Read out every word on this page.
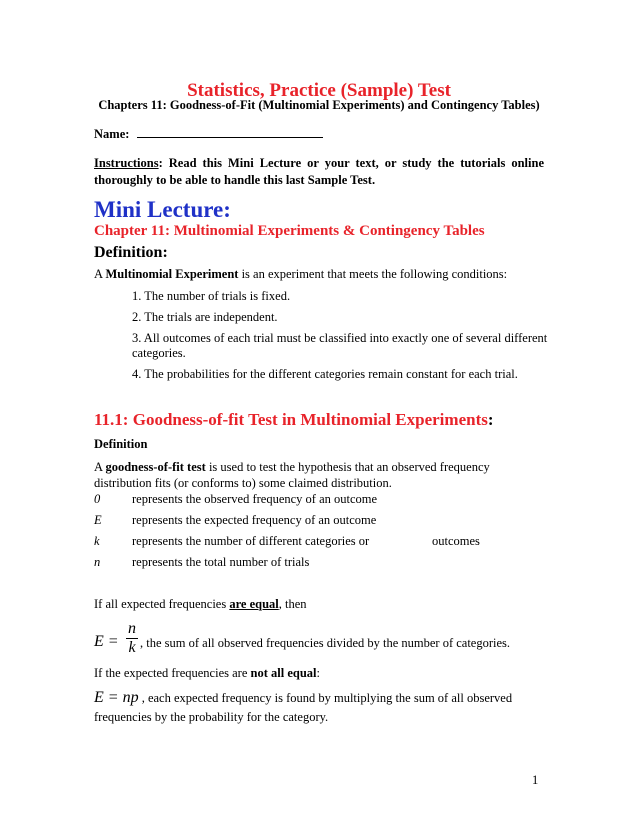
Statistics, Practice (Sample) Test
Chapters 11: Goodness-of-Fit (Multinomial Experiments) and Contingency Tables)
Name:
Instructions: Read this Mini Lecture or your text, or study the tutorials online thoroughly to be able to handle this last Sample Test.
Mini Lecture:
Chapter 11: Multinomial Experiments & Contingency Tables
Definition:
A Multinomial Experiment is an experiment that meets the following conditions:
1. The number of trials is fixed.
2. The trials are independent.
3. All outcomes of each trial must be classified into exactly one of several different categories.
4. The probabilities for the different categories remain constant for each trial.
11.1: Goodness-of-fit Test in Multinomial Experiments:
Definition
A goodness-of-fit test is used to test the hypothesis that an observed frequency distribution fits (or conforms to) some claimed distribution.
0	represents the observed frequency of an outcome
E represents the expected frequency of an outcome
k	represents the number of different categories or	outcomes
n	represents the total number of trials
If all expected frequencies are equal, then
E =
n
k , the sum of all observed frequencies divided by the number of categories.
If the expected frequencies are not all equal:
E = np , each expected frequency is found by multiplying the sum of all observed frequencies by the probability for the category.
1
